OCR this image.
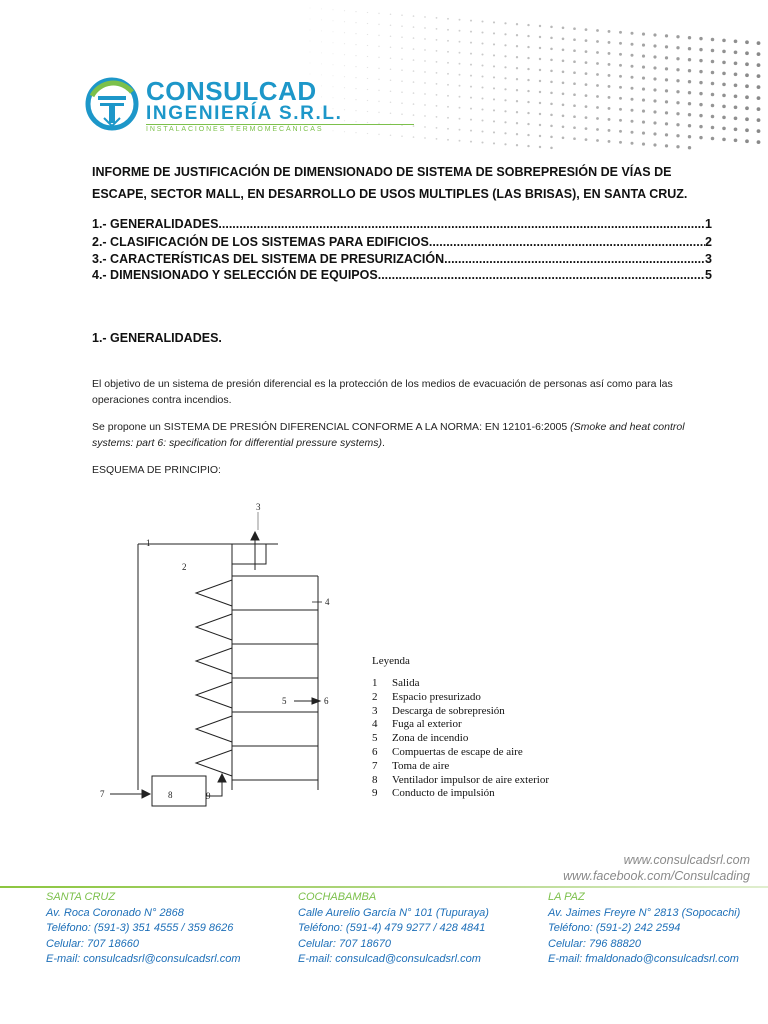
CONSULCAD
INGENIERÍA S.R.L.
INSTALACIONES TERMOMECÁNICAS
INFORME DE JUSTIFICACIÓN DE DIMENSIONADO DE SISTEMA DE SOBREPRESIÓN DE VÍAS DE ESCAPE, SECTOR MALL, EN DESARROLLO DE USOS MULTIPLES (LAS BRISAS), EN SANTA CRUZ.
1.- GENERALIDADES. .....	1
2.- CLASIFICACIÓN DE LOS SISTEMAS PARA EDIFICIOS. .....	2
3.- CARACTERÍSTICAS DEL SISTEMA DE PRESURIZACIÓN. .....	3
4.- DIMENSIONADO Y SELECCIÓN DE EQUIPOS. .....	5
1.- GENERALIDADES.
El objetivo de un sistema de presión diferencial es la protección de los medios de evacuación de personas así como para las operaciones contra incendios.
Se propone un SISTEMA DE PRESIÓN DIFERENCIAL CONFORME A LA NORMA: EN 12101-6:2005 (Smoke and heat control systems: part 6: specification for differential pressure systems).
ESQUEMA DE PRINCIPIO:
3
1
2
4
5	6
7	8	9
Leyenda
1	Salida
2	Espacio presurizado
3	Descarga de sobrepresión
4	Fuga al exterior
5	Zona de incendio
6	Compuertas de escape de aire
7	Toma de aire
8	Ventilador impulsor de aire exterior
9	Conducto de impulsión
www.consulcadsrl.com
www.facebook.com/Consulcading
SANTA CRUZ
Av. Roca Coronado N° 2868
Teléfono: (591-3) 351 4555 / 359 8626
Celular: 707 18660
E-mail: consulcadsrl@consulcadsrl.com
COCHABAMBA
Calle Aurelio García N° 101 (Tupuraya)
Teléfono: (591-4) 479 9277 / 428 4841
Celular: 707 18670
E-mail: consulcad@consulcadsrl.com
LA PAZ
Av. Jaimes Freyre N° 2813 (Sopocachi)
Teléfono: (591-2) 242 2594
Celular: 796 88820
E-mail: fmaldonado@consulcadsrl.com
